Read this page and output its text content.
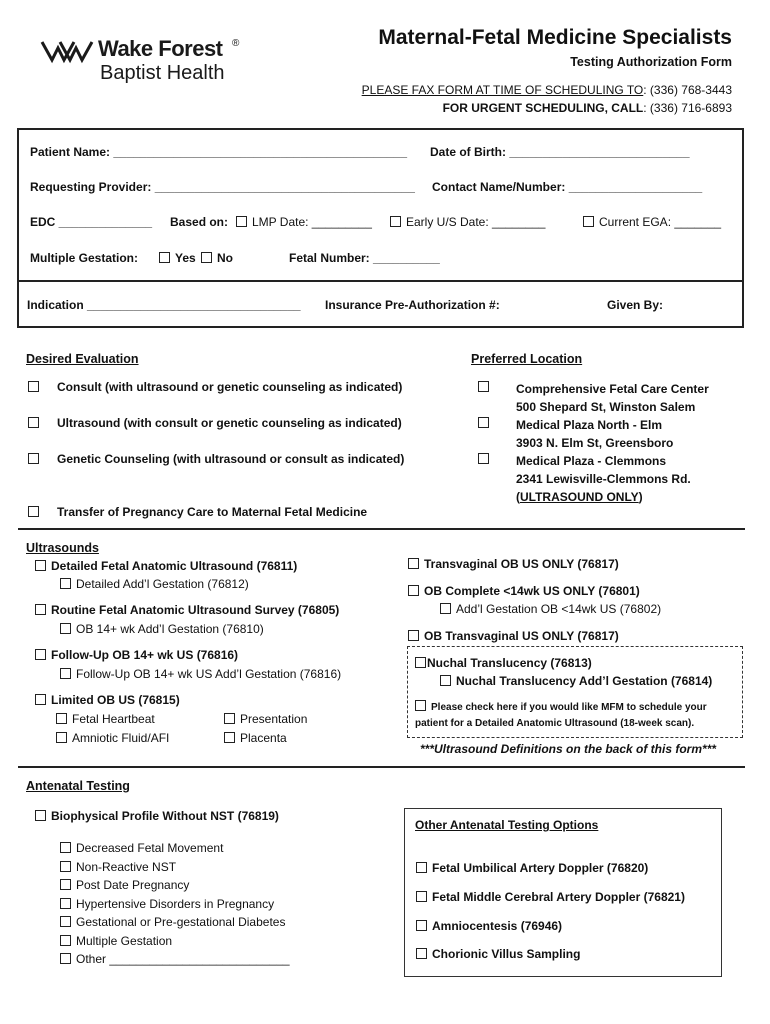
Wake Forest ®
Baptist Health
Maternal-Fetal Medicine Specialists
Testing Authorization Form
PLEASE FAX FORM AT TIME OF SCHEDULING TO: (336) 768-3443
FOR URGENT SCHEDULING, CALL: (336) 716-6893
Patient Name: ____________________________________________ Date of Birth: ___________________________
Requesting Provider: _______________________________________ Contact Name/Number: ____________________
EDC ______________ Based on:	LMP Date: _________	Early U/S Date: ________	Current EGA: _______
Multiple Gestation:	Yes	No	Fetal Number: __________
Indication ________________________________ Insurance Pre-Authorization #:	Given By:
Desired Evaluation
Consult (with ultrasound or genetic counseling as indicated)
Ultrasound (with consult or genetic counseling as indicated)
Genetic Counseling (with ultrasound or consult as indicated)
Transfer of Pregnancy Care to Maternal Fetal Medicine
Preferred Location
Comprehensive Fetal Care Center
500 Shepard St, Winston Salem
Medical Plaza North - Elm
3903 N. Elm St, Greensboro
Medical Plaza - Clemmons
2341 Lewisville-Clemmons Rd.
(ULTRASOUND ONLY)
Ultrasounds
Detailed Fetal Anatomic Ultrasound (76811)
Detailed Add’l Gestation (76812)
Routine Fetal Anatomic Ultrasound Survey (76805)
OB 14+ wk Add’l Gestation (76810)
Follow-Up OB 14+ wk US (76816)
Follow-Up OB 14+ wk US Add’l Gestation (76816)
Limited OB US (76815)
Fetal Heartbeat	Presentation
Amniotic Fluid/AFI	Placenta
Transvaginal OB US ONLY (76817)
OB Complete <14wk US ONLY (76801)
Add’l Gestation OB <14wk US (76802)
OB Transvaginal US ONLY (76817)
Nuchal Translucency (76813)
Nuchal Translucency Add’l Gestation (76814)
Please check here if you would like MFM to schedule your
patient for a Detailed Anatomic Ultrasound (18-week scan).
***Ultrasound Definitions on the back of this form***
Antenatal Testing
Biophysical Profile Without NST (76819)
Decreased Fetal Movement
Non-Reactive NST
Post Date Pregnancy
Hypertensive Disorders in Pregnancy
Gestational or Pre-gestational Diabetes
Multiple Gestation
Other ___________________________
Other Antenatal Testing Options
Fetal Umbilical Artery Doppler (76820)
Fetal Middle Cerebral Artery Doppler (76821)
Amniocentesis (76946)
Chorionic Villus Sampling
